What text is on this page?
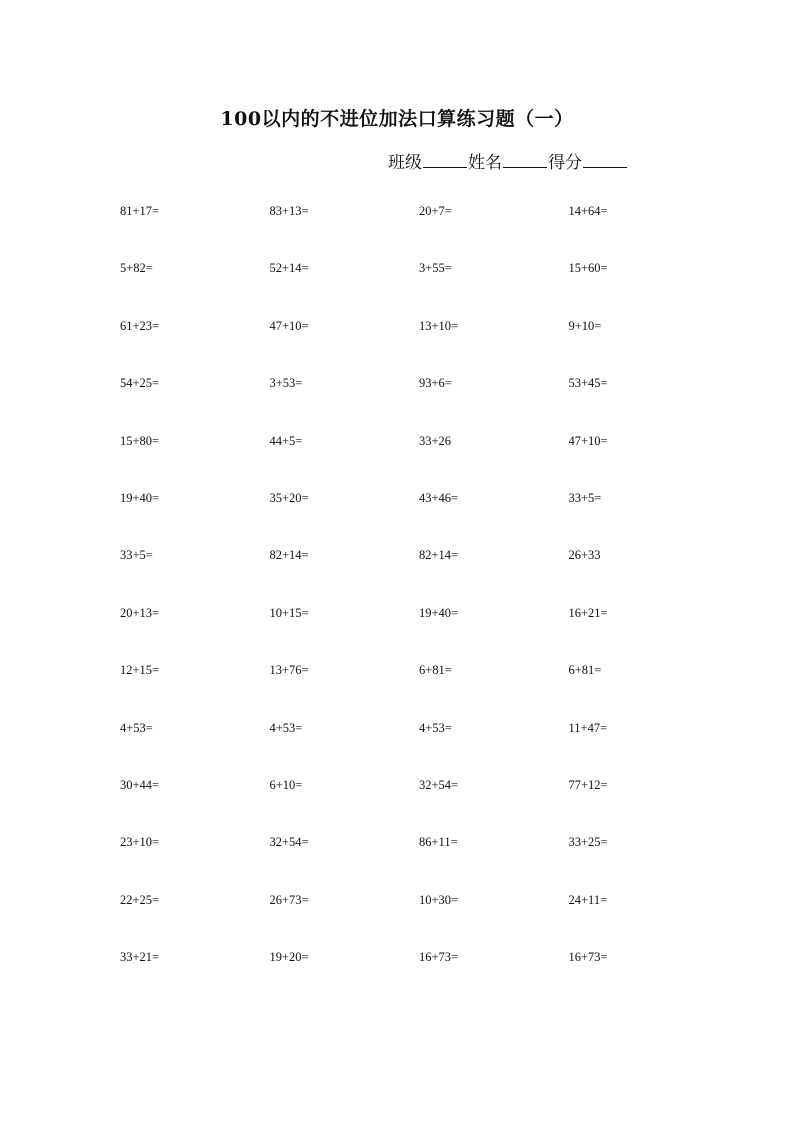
100以内的不进位加法口算练习题（一）
班级	姓名	得分
81+17=	83+13=	20+7=	14+64=
5+82=	52+14=	3+55=	15+60=
61+23=	47+10=	13+10=	9+10=
54+25=	3+53=	93+6=	53+45=
15+80=	44+5=	33+26	47+10=
19+40=	35+20=	43+46=	33+5=
33+5=	82+14=	82+14=	26+33
20+13=	10+15=	19+40=	16+21=
12+15=	13+76=	6+81=	6+81=
4+53=	4+53=	4+53=	11+47=
30+44=	6+10=	32+54=	77+12=
23+10=	32+54=	86+11=	33+25=
22+25=	26+73=	10+30=	24+11=
33+21=	19+20=	16+73=	16+73=
